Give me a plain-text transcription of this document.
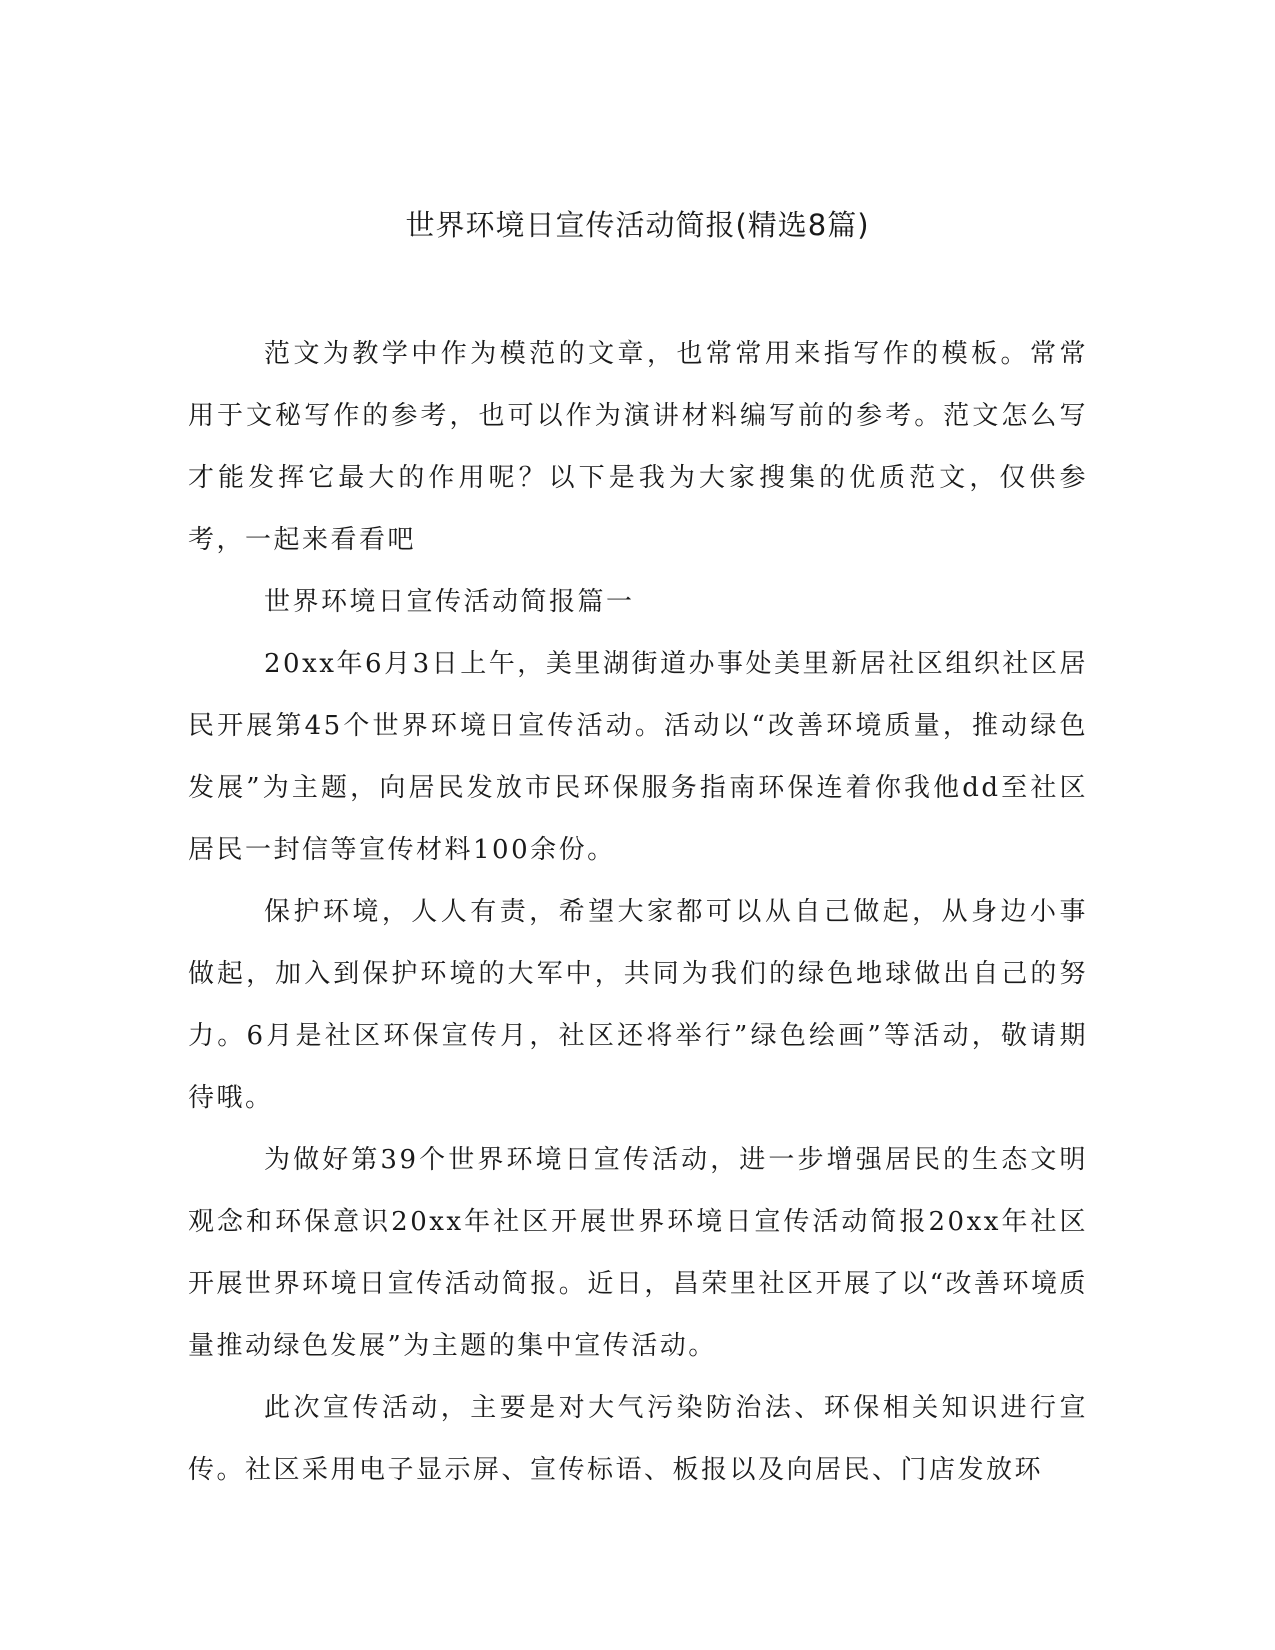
世界环境日宣传活动简报(精选8篇)

范文为教学中作为模范的文章，也常常用来指写作的模板。常常用于文秘写作的参考，也可以作为演讲材料编写前的参考。范文怎么写才能发挥它最大的作用呢？以下是我为大家搜集的优质范文，仅供参考，一起来看看吧

世界环境日宣传活动简报篇一

20xx年6月3日上午，美里湖街道办事处美里新居社区组织社区居民开展第45个世界环境日宣传活动。活动以“改善环境质量，推动绿色发展”为主题，向居民发放市民环保服务指南环保连着你我他dd至社区居民一封信等宣传材料100余份。

保护环境，人人有责，希望大家都可以从自己做起，从身边小事做起，加入到保护环境的大军中，共同为我们的绿色地球做出自己的努力。6月是社区环保宣传月，社区还将举行”绿色绘画”等活动，敬请期待哦。

为做好第39个世界环境日宣传活动，进一步增强居民的生态文明观念和环保意识20xx年社区开展世界环境日宣传活动简报20xx年社区开展世界环境日宣传活动简报。近日，昌荣里社区开展了以“改善环境质量推动绿色发展”为主题的集中宣传活动。

此次宣传活动，主要是对大气污染防治法、环保相关知识进行宣传。社区采用电子显示屏、宣传标语、板报以及向居民、门店发放环
